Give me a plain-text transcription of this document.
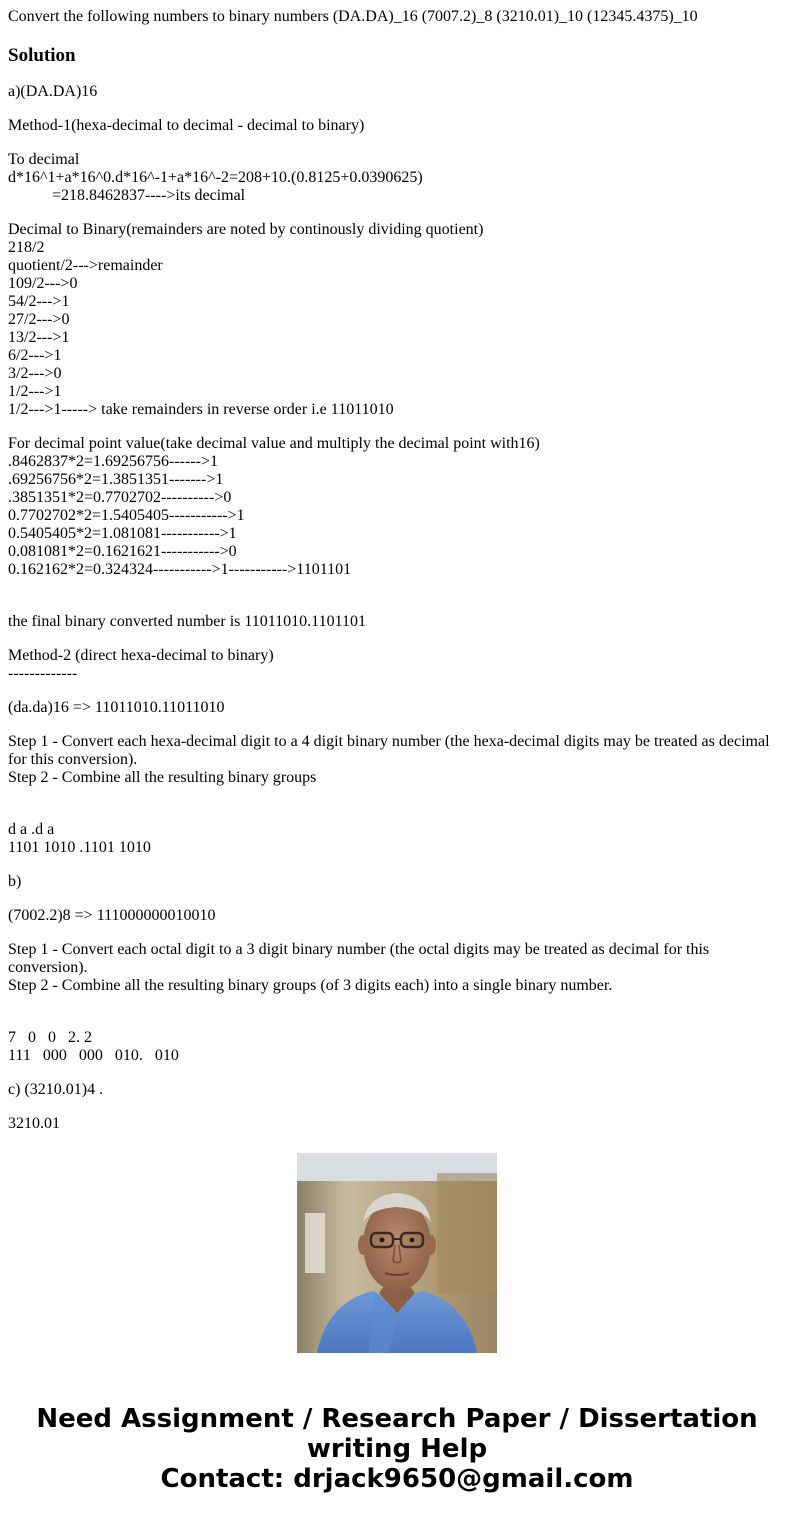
Convert the following numbers to binary numbers (DA.DA)_16 (7007.2)_8 (3210.01)_10 (12345.4375)_10
Solution

a)(DA.DA)16

Method-1(hexa-decimal to decimal - decimal to binary)

To decimal
d*16^1+a*16^0.d*16^-1+a*16^-2=208+10.(0.8125+0.0390625)
=218.8462837---->its decimal

Decimal to Binary(remainders are noted by continously dividing quotient)
218/2
quotient/2--->remainder
109/2--->0
54/2--->1
27/2--->0
13/2--->1
6/2--->1
3/2--->0
1/2--->1
1/2--->1-----> take remainders in reverse order i.e 11011010

For decimal point value(take decimal value and multiply the decimal point with16)
.8462837*2=1.69256756------>1
.69256756*2=1.3851351------->1
.3851351*2=0.7702702---------->0
0.7702702*2=1.5405405----------->1
0.5405405*2=1.081081----------->1
0.081081*2=0.1621621----------->0
0.162162*2=0.324324----------->1----------->1101101

the final binary converted number is 11011010.1101101

Method-2 (direct hexa-decimal to binary)
-------------

(da.da)16 => 11011010.11011010

Step 1 - Convert each hexa-decimal digit to a 4 digit binary number (the hexa-decimal digits may be treated as decimal for this conversion).
Step 2 - Combine all the resulting binary groups

d a .d a
1101 1010 .1101 1010

b)

(7002.2)8 => 111000000010010

Step 1 - Convert each octal digit to a 3 digit binary number (the octal digits may be treated as decimal for this conversion).
Step 2 - Combine all the resulting binary groups (of 3 digits each) into a single binary number.

7   0   0   2. 2
111   000   000   010.   010

c) (3210.01)4 .

3210.01

Need Assignment / Research Paper / Dissertation
writing Help
Contact: drjack9650@gmail.com
